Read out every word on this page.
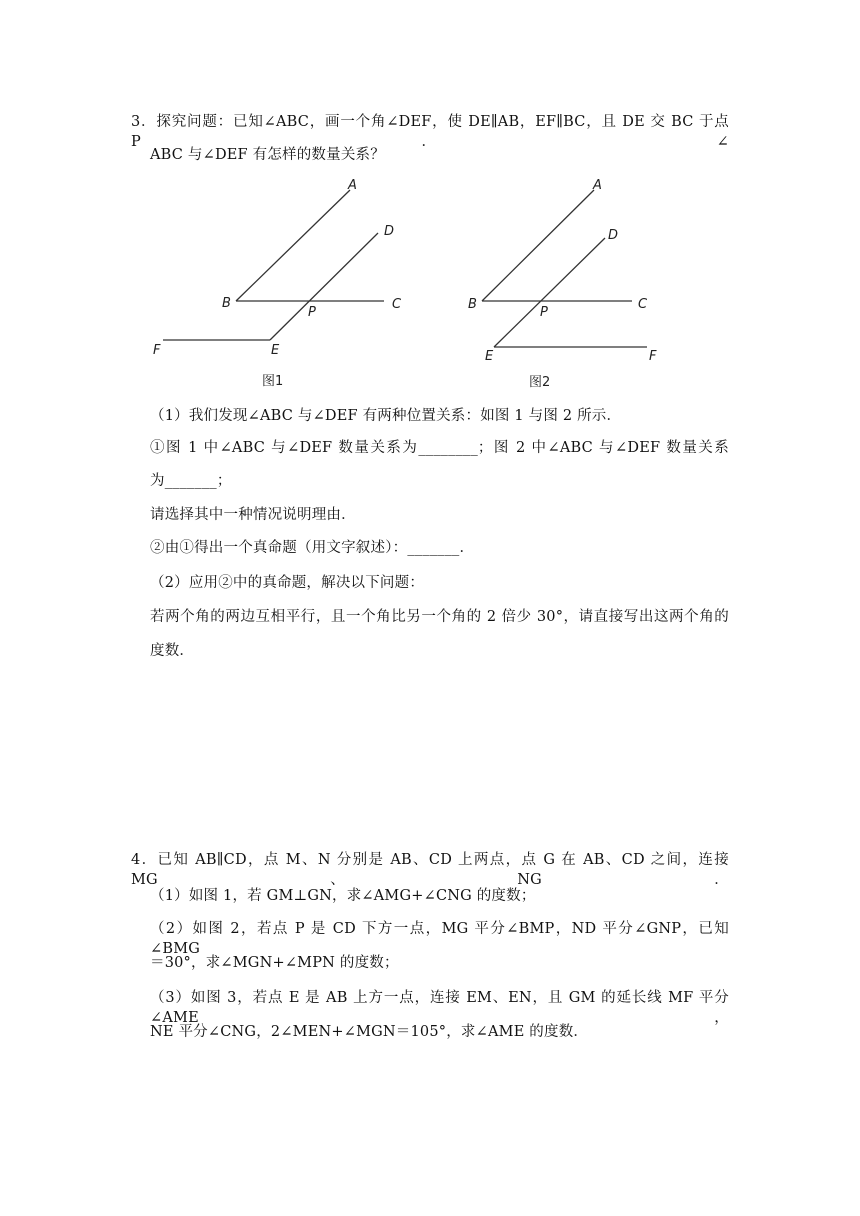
3．探究问题：已知∠ABC，画一个角∠DEF，使 DE∥AB，EF∥BC，且 DE 交 BC 于点 P．∠
ABC 与∠DEF 有怎样的数量关系？
A
B	C
D
E
F
P
图1
A
B	C
D
E	F
P
图2
（1）我们发现∠ABC 与∠DEF 有两种位置关系：如图 1 与图 2 所示．
①图 1 中∠ABC 与∠DEF 数量关系为________；图 2 中∠ABC 与∠DEF 数量关系
为_______；
请选择其中一种情况说明理由．
②由①得出一个真命题（用文字叙述）：_______．
（2）应用②中的真命题，解决以下问题：
若两个角的两边互相平行，且一个角比另一个角的 2 倍少 30°，请直接写出这两个角的
度数．
4．已知 AB∥CD，点 M、N 分别是 AB、CD 上两点，点 G 在 AB、CD 之间，连接 MG、NG．
（1）如图 1，若 GM⊥GN，求∠AMG+∠CNG 的度数；
（2）如图 2，若点 P 是 CD 下方一点，MG 平分∠BMP，ND 平分∠GNP，已知∠BMG
＝30°，求∠MGN+∠MPN 的度数；
（3）如图 3，若点 E 是 AB 上方一点，连接 EM、EN，且 GM 的延长线 MF 平分∠AME，
NE 平分∠CNG，2∠MEN+∠MGN＝105°，求∠AME 的度数．
